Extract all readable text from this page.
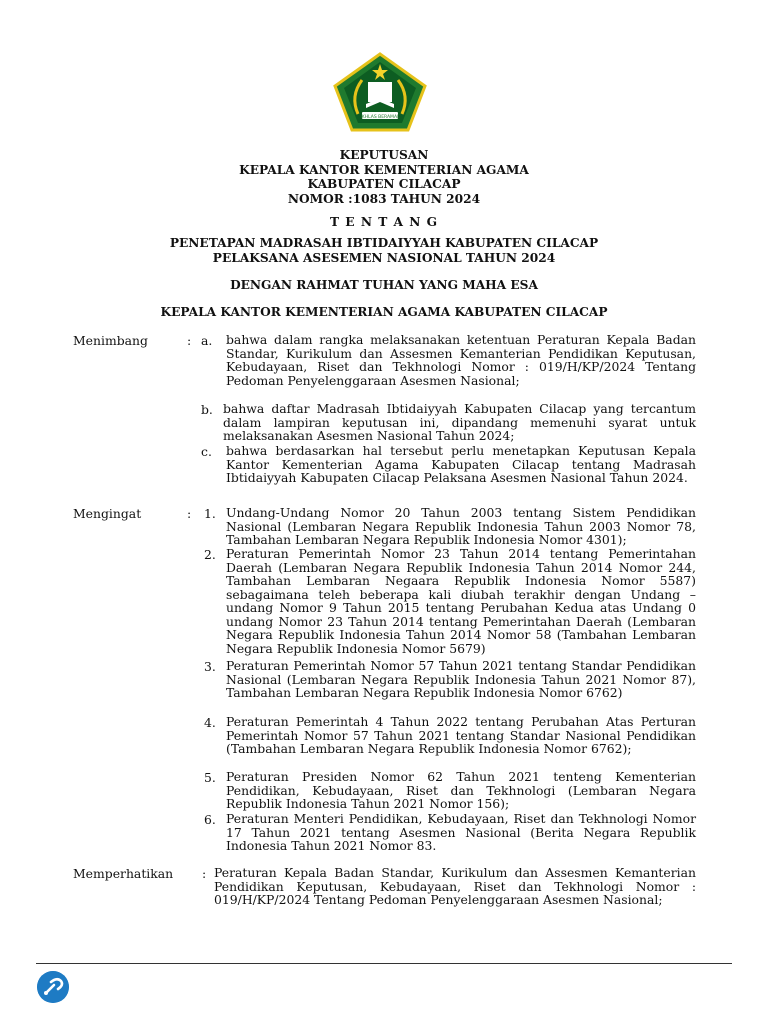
IKHLAS BERAMAL
KEPUTUSAN
KEPALA KANTOR KEMENTERIAN AGAMA
KABUPATEN CILACAP
NOMOR :1083 TAHUN 2024
T E N T A N G
PENETAPAN MADRASAH IBTIDAIYYAH KABUPATEN CILACAP
PELAKSANA ASESEMEN NASIONAL TAHUN 2024
DENGAN RAHMAT TUHAN YANG MAHA ESA
KEPALA KANTOR KEMENTERIAN AGAMA KABUPATEN CILACAP
Menimbang	: a. bahwa dalam rangka melaksanakan ketentuan Peraturan Kepala Badan Standar, Kurikulum dan Assesmen Kemanterian Pendidikan Keputusan, Kebudayaan, Riset dan Tekhnologi Nomor : 019/H/KP/2024 Tentang Pedoman Penyelenggaraan Asesmen Nasional;
b. bahwa daftar Madrasah Ibtidaiyyah Kabupaten Cilacap yang tercantum dalam lampiran keputusan ini, dipandang memenuhi syarat untuk melaksanakan Asesmen Nasional Tahun 2024;
c. bahwa berdasarkan hal tersebut perlu menetapkan Keputusan Kepala Kantor Kementerian Agama Kabupaten Cilacap tentang Madrasah Ibtidaiyyah Kabupaten Cilacap Pelaksana Asesmen Nasional Tahun 2024.
Mengingat	: 1. Undang-Undang Nomor 20 Tahun 2003 tentang Sistem Pendidikan Nasional (Lembaran Negara Republik Indonesia Tahun 2003 Nomor 78, Tambahan Lembaran Negara Republik Indonesia Nomor 4301);
2. Peraturan Pemerintah Nomor 23 Tahun 2014 tentang Pemerintahan Daerah (Lembaran Negara Republik Indonesia Tahun 2014 Nomor 244, Tambahan Lembaran Negaara Republik Indonesia Nomor 5587) sebagaimana teleh beberapa kali diubah terakhir dengan Undang – undang Nomor 9 Tahun 2015 tentang Perubahan Kedua atas Undang 0 undang Nomor 23 Tahun 2014 tentang Pemerintahan Daerah (Lembaran Negara Republik Indonesia Tahun 2014 Nomor 58 (Tambahan Lembaran Negara Republik Indonesia Nomor 5679)
3. Peraturan Pemerintah Nomor 57 Tahun 2021 tentang Standar Pendidikan Nasional (Lembaran Negara Republik Indonesia Tahun 2021 Nomor 87), Tambahan Lembaran Negara Republik Indonesia Nomor 6762)
4. Peraturan Pemerintah 4 Tahun 2022 tentang Perubahan Atas Perturan Pemerintah Nomor 57 Tahun 2021 tentang Standar Nasional Pendidikan (Tambahan Lembaran Negara Republik Indonesia Nomor 6762);
5. Peraturan Presiden Nomor 62 Tahun 2021 tenteng Kementerian Pendidikan, Kebudayaan, Riset dan Tekhnologi (Lembaran Negara Republik Indonesia Tahun 2021 Nomor 156);
6. Peraturan Menteri Pendidikan, Kebudayaan, Riset dan Tekhnologi Nomor 17 Tahun 2021 tentang Asesmen Nasional (Berita Negara Republik Indonesia Tahun 2021 Nomor 83.
Memperhatikan : Peraturan Kepala Badan Standar, Kurikulum dan Assesmen Kemanterian Pendidikan Keputusan, Kebudayaan, Riset dan Tekhnologi Nomor : 019/H/KP/2024 Tentang Pedoman Penyelenggaraan Asesmen Nasional;
